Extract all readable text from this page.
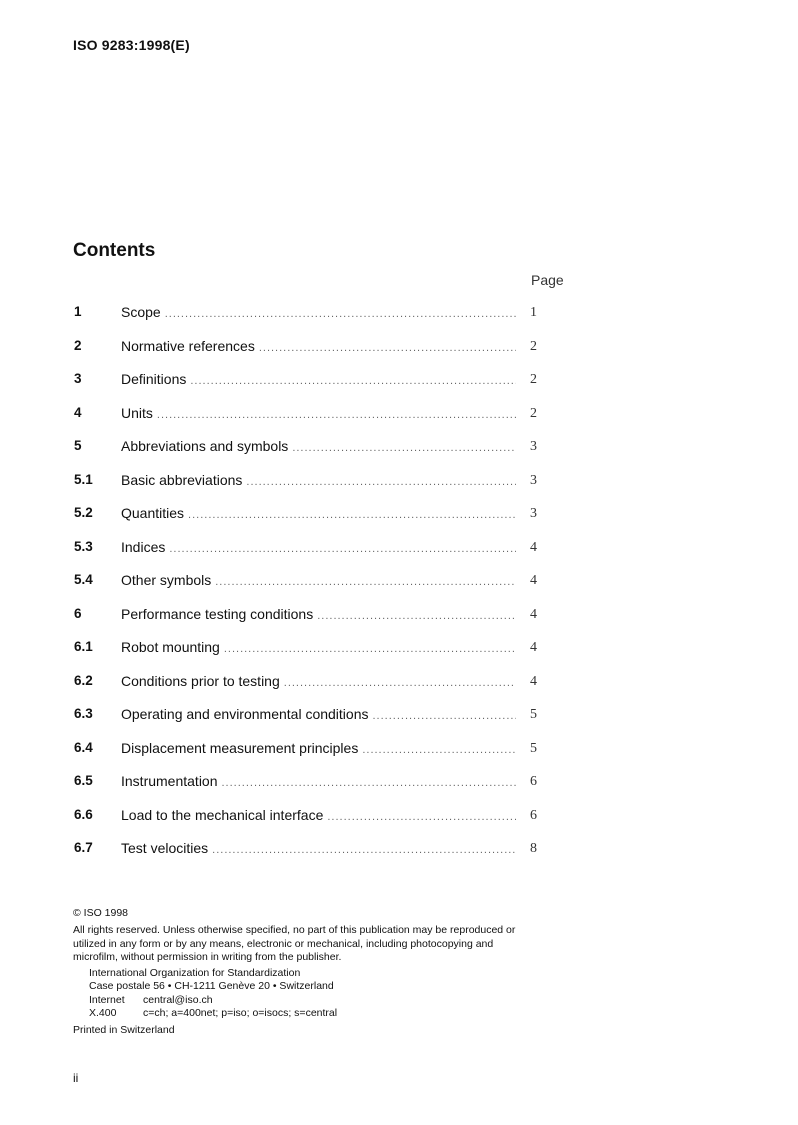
ISO 9283:1998(E)
Contents
Page
1	Scope .....	1
2	Normative references .....	2
3	Definitions .....	2
4	Units .....	2
5	Abbreviations and symbols .....	3
5.1 Basic abbreviations .....	3
5.2 Quantities .....	3
5.3 Indices .....	4
5.4 Other symbols .....	4
6	Performance testing conditions .....	4
6.1 Robot mounting .....	4
6.2 Conditions prior to testing .....	4
6.3 Operating and environmental conditions .....	5
6.4 Displacement measurement principles .....	5
6.5 Instrumentation .....	6
6.6 Load to the mechanical interface .....	6
6.7 Test velocities .....	8
© ISO 1998
All rights reserved. Unless otherwise specified, no part of this publication may be reproduced or utilized in any form or by any means, electronic or mechanical, including photocopying and microfilm, without permission in writing from the publisher.
International Organization for Standardization
Case postale 56 • CH-1211 Genève 20 • Switzerland
Internet	central@iso.ch
X.400	c=ch; a=400net; p=iso; o=isocs; s=central
Printed in Switzerland
ii
